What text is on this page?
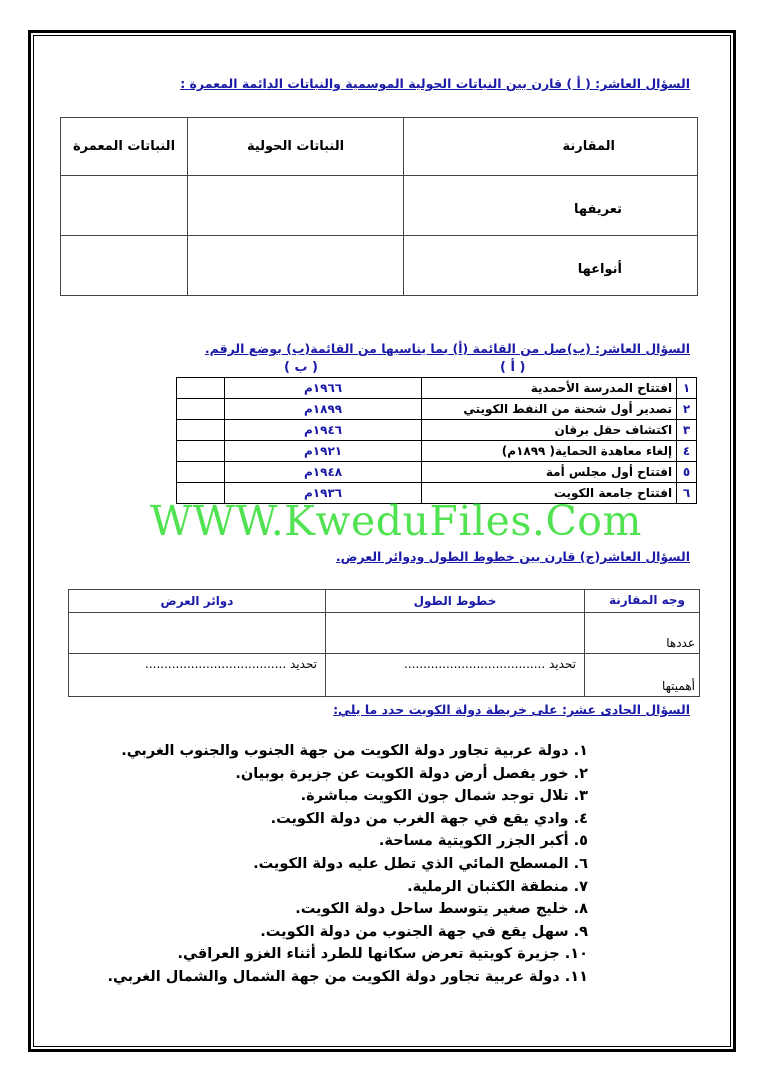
السؤال العاشر: ( أ ) قارن بين النباتات الحولية الموسمية والنباتات الدائمة المعمرة :
المقارنة	النباتات الحولية	النباتات المعمرة
تعريفها		
أنواعها		
السؤال العاشر: (ب)صل من القائمة (أ) بما يناسبها من القائمة(ب) بوضع الرقم.
( أ )
( ب )
١	افتتاح المدرسة الأحمدية	١٩٦٦م	
٢	تصدير أول شحنة من النفط الكويتي	١٨٩٩م	
٣	اكتشاف حقل برقان	١٩٤٦م	
٤	إلغاء معاهدة الحماية( ١٨٩٩م)	١٩٢١م	
٥	افتتاح أول مجلس أمة	١٩٤٨م	
٦	افتتاح جامعة الكويت	١٩٣٦م	
WWW.KweduFiles.Com
السؤال العاشر(ج) قارن بين خطوط الطول ودوائر العرض.
وجه المقارنة	خطوط الطول	دوائر العرض
عددها		
أهميتها	تحديد .....................................	تحديد .....................................
السؤال الحادى عشر: على خريطة دولة الكويت حدد ما يلي:
١. دولة عربية تجاور دولة الكويت من جهة الجنوب والجنوب الغربي.
٢. خور يفصل أرض دولة الكويت عن جزيرة بوبيان.
٣. تلال توجد شمال جون الكويت مباشرة.
٤. وادي يقع في جهة الغرب من دولة الكويت.
٥. أكبر الجزر الكويتية مساحة.
٦. المسطح المائي الذي تطل عليه دولة الكويت.
٧. منطقة الكثبان الرملية.
٨. خليج صغير يتوسط ساحل دولة الكويت.
٩. سهل يقع في جهة الجنوب من دولة الكويت.
١٠. جزيرة كويتية تعرض سكانها للطرد أثناء الغزو العراقي.
١١. دولة عربية تجاور دولة الكويت من جهة الشمال والشمال الغربي.
